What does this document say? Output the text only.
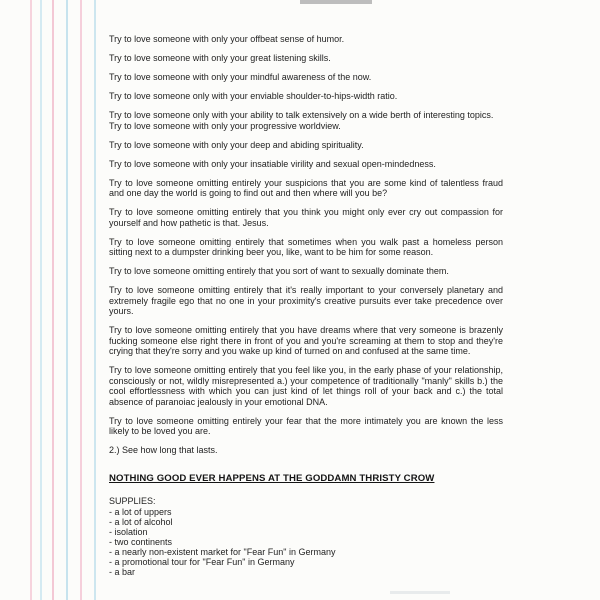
Try to love someone with only your offbeat sense of humor.

Try to love someone with only your great listening skills.

Try to love someone with only your mindful awareness of the now.

Try to love someone only with your enviable shoulder-to-hips-width ratio.

Try to love someone only with your ability to talk extensively on a wide berth of interesting topics.
Try to love someone with only your progressive worldview.

Try to love someone with only your deep and abiding spirituality.

Try to love someone with only your insatiable virility and sexual open-mindedness.

Try to love someone omitting entirely your suspicions that you are some kind of talentless fraud and one day the world is going to find out and then where will you be?

Try to love someone omitting entirely that you think you might only ever cry out compassion for yourself and how pathetic is that. Jesus.

Try to love someone omitting entirely that sometimes when you walk past a homeless person sitting next to a dumpster drinking beer you, like, want to be him for some reason.

Try to love someone omitting entirely that you sort of want to sexually dominate them.

Try to love someone omitting entirely that it's really important to your conversely planetary and extremely fragile ego that no one in your proximity's creative pursuits ever take precedence over yours.

Try to love someone omitting entirely that you have dreams where that very someone is brazenly fucking someone else right there in front of you and you're screaming at them to stop and they're crying that they're sorry and you wake up kind of turned on and confused at the same time.

Try to love someone omitting entirely that you feel like you, in the early phase of your relationship, consciously or not, wildly misrepresented a.) your competence of traditionally "manly" skills b.) the cool effortlessness with which you can just kind of let things roll of your back and c.) the total absence of paranoiac jealously in your emotional DNA.

Try to love someone omitting entirely your fear that the more intimately you are known the less likely to be loved you are.

2.) See how long that lasts.

NOTHING GOOD EVER HAPPENS AT THE GODDAMN THRISTY CROW
SUPPLIES:
- a lot of uppers
- a lot of alcohol
- isolation
- two continents
- a nearly non-existent market for "Fear Fun" in Germany
- a promotional tour for "Fear Fun" in Germany
- a bar
